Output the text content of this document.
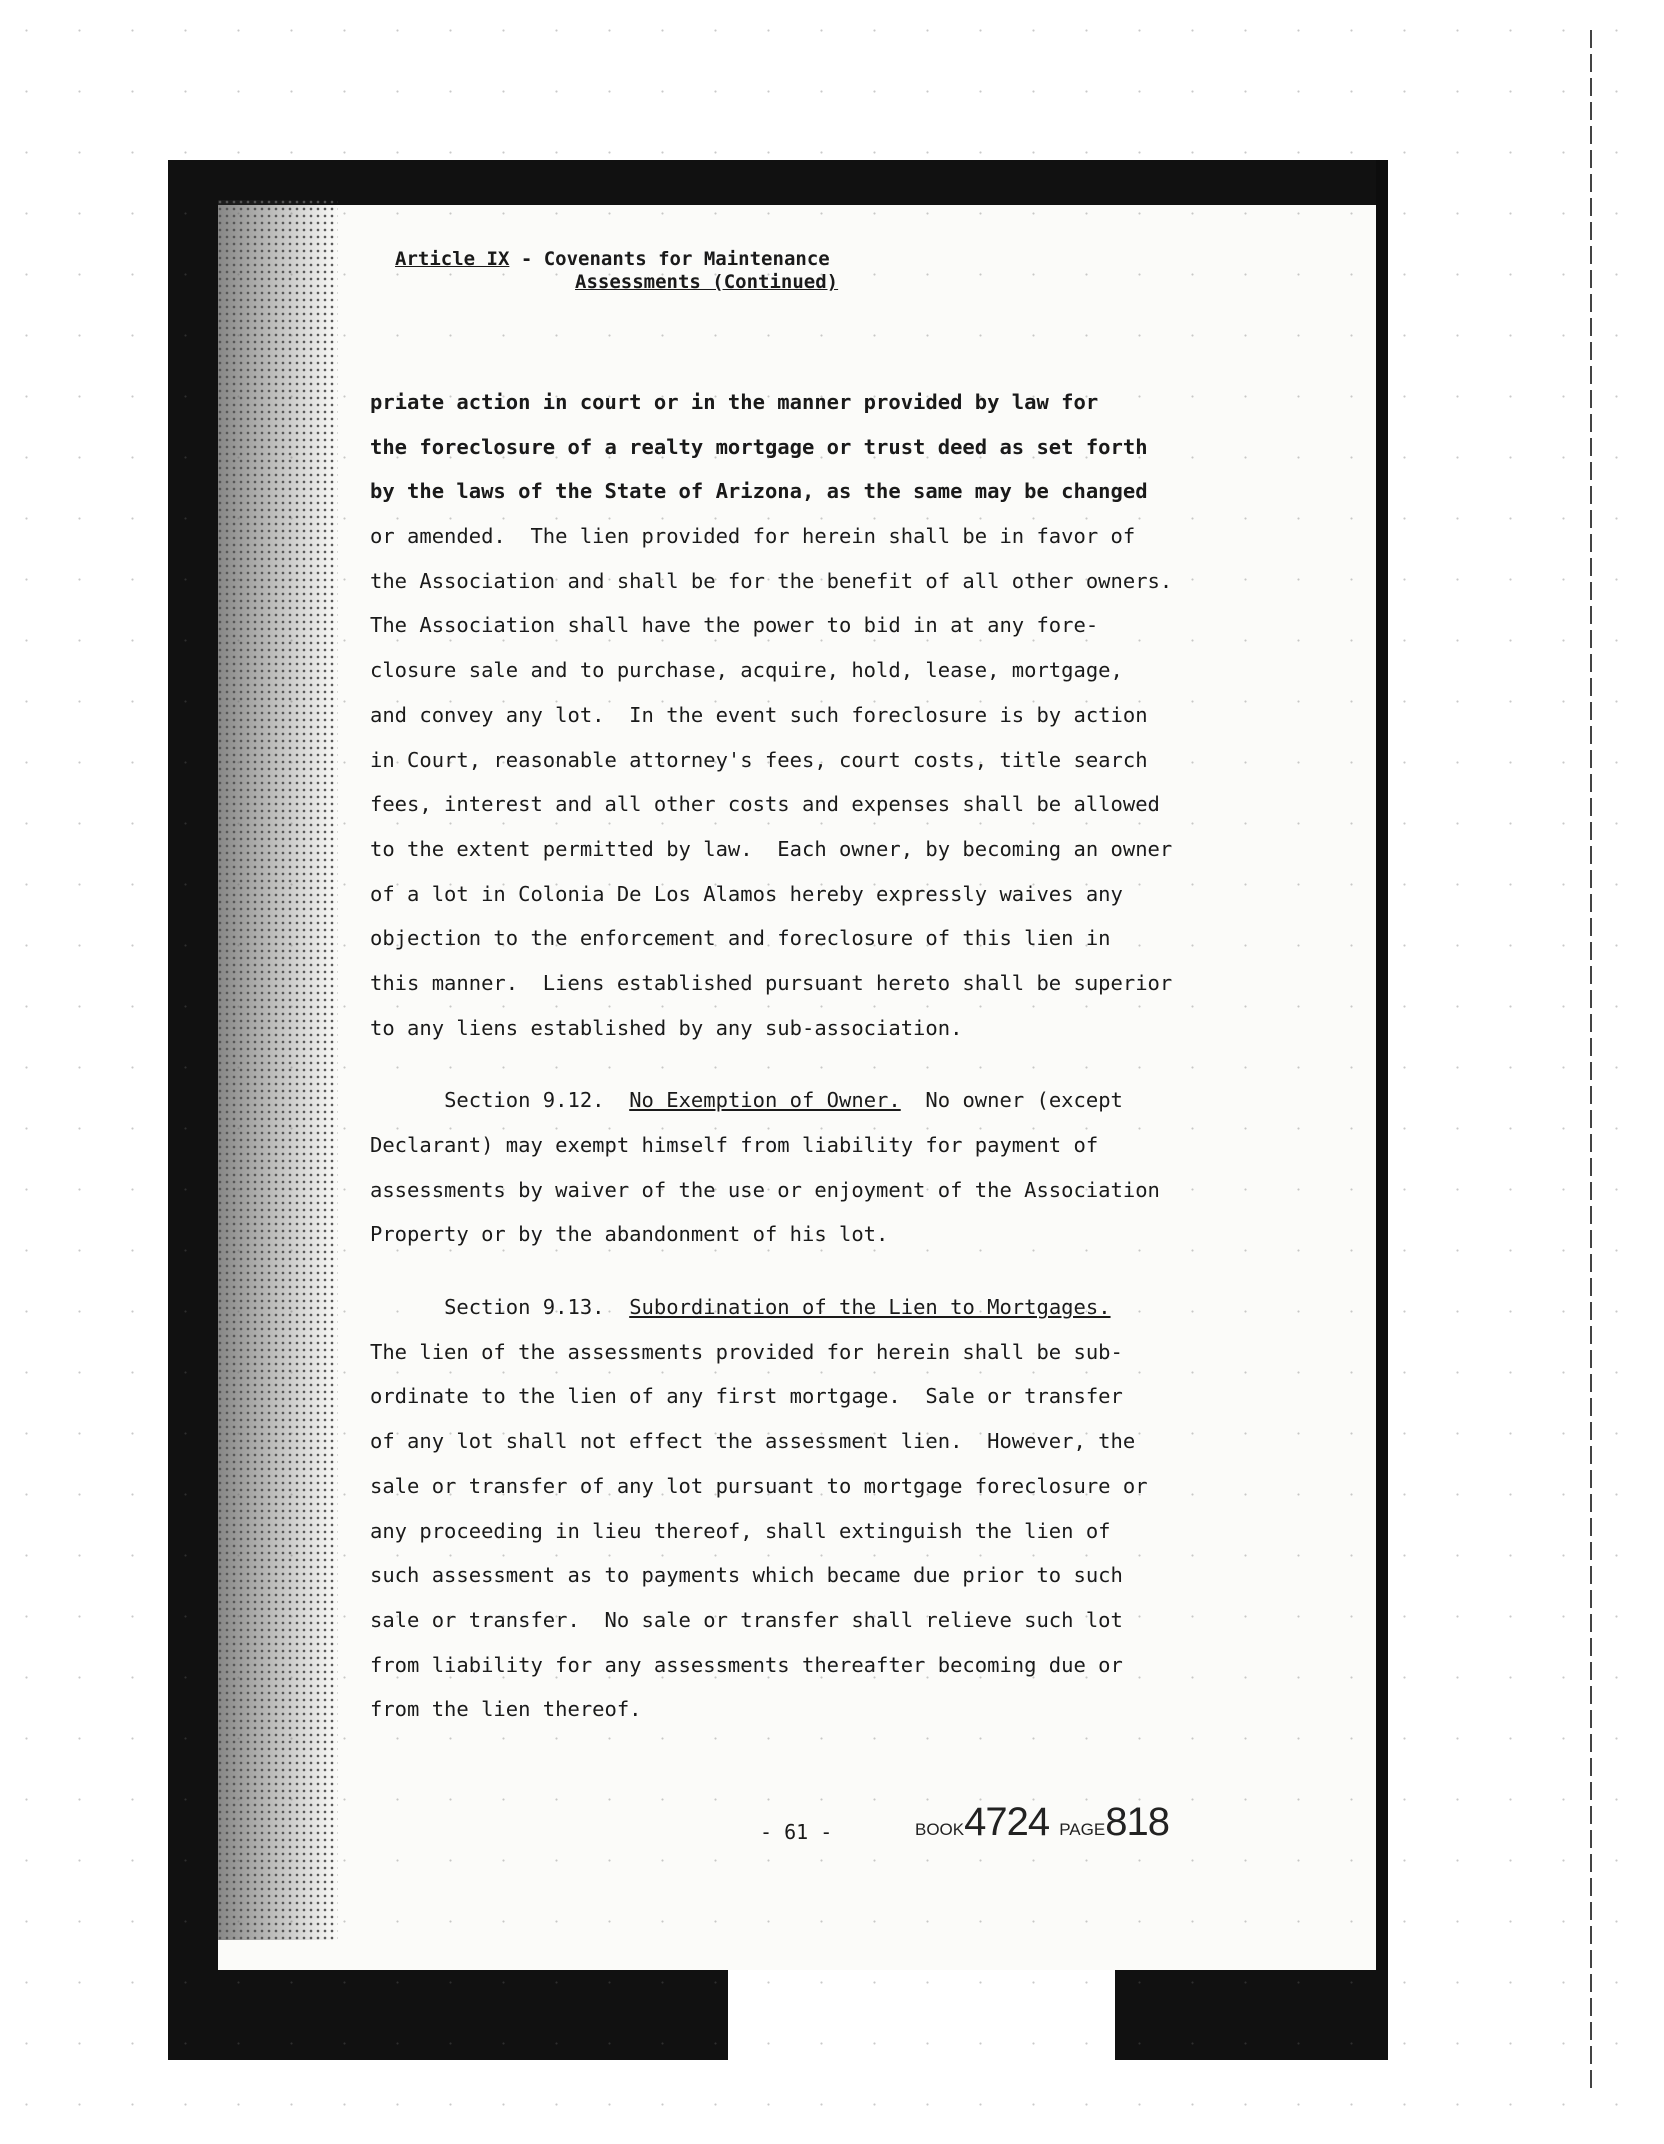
Article IX - Covenants for Maintenance
Assessments (Continued)
priate action in court or in the manner provided by law for
the foreclosure of a realty mortgage or trust deed as set forth
by the laws of the State of Arizona, as the same may be changed
or amended.  The lien provided for herein shall be in favor of
the Association and shall be for the benefit of all other owners.
The Association shall have the power to bid in at any fore-
closure sale and to purchase, acquire, hold, lease, mortgage,
and convey any lot.  In the event such foreclosure is by action
in Court, reasonable attorney's fees, court costs, title search
fees, interest and all other costs and expenses shall be allowed
to the extent permitted by law.  Each owner, by becoming an owner
of a lot in Colonia De Los Alamos hereby expressly waives any
objection to the enforcement and foreclosure of this lien in
this manner.  Liens established pursuant hereto shall be superior
to any liens established by any sub-association.
Section 9.12. No Exemption of Owner. No owner (except
Declarant) may exempt himself from liability for payment of
assessments by waiver of the use or enjoyment of the Association
Property or by the abandonment of his lot.
Section 9.13. Subordination of the Lien to Mortgages.
The lien of the assessments provided for herein shall be sub-
ordinate to the lien of any first mortgage.  Sale or transfer
of any lot shall not effect the assessment lien.  However, the
sale or transfer of any lot pursuant to mortgage foreclosure or
any proceeding in lieu thereof, shall extinguish the lien of
such assessment as to payments which became due prior to such
sale or transfer.  No sale or transfer shall relieve such lot
from liability for any assessments thereafter becoming due or
from the lien thereof.
- 61 -	BOOK4724 PAGE818
